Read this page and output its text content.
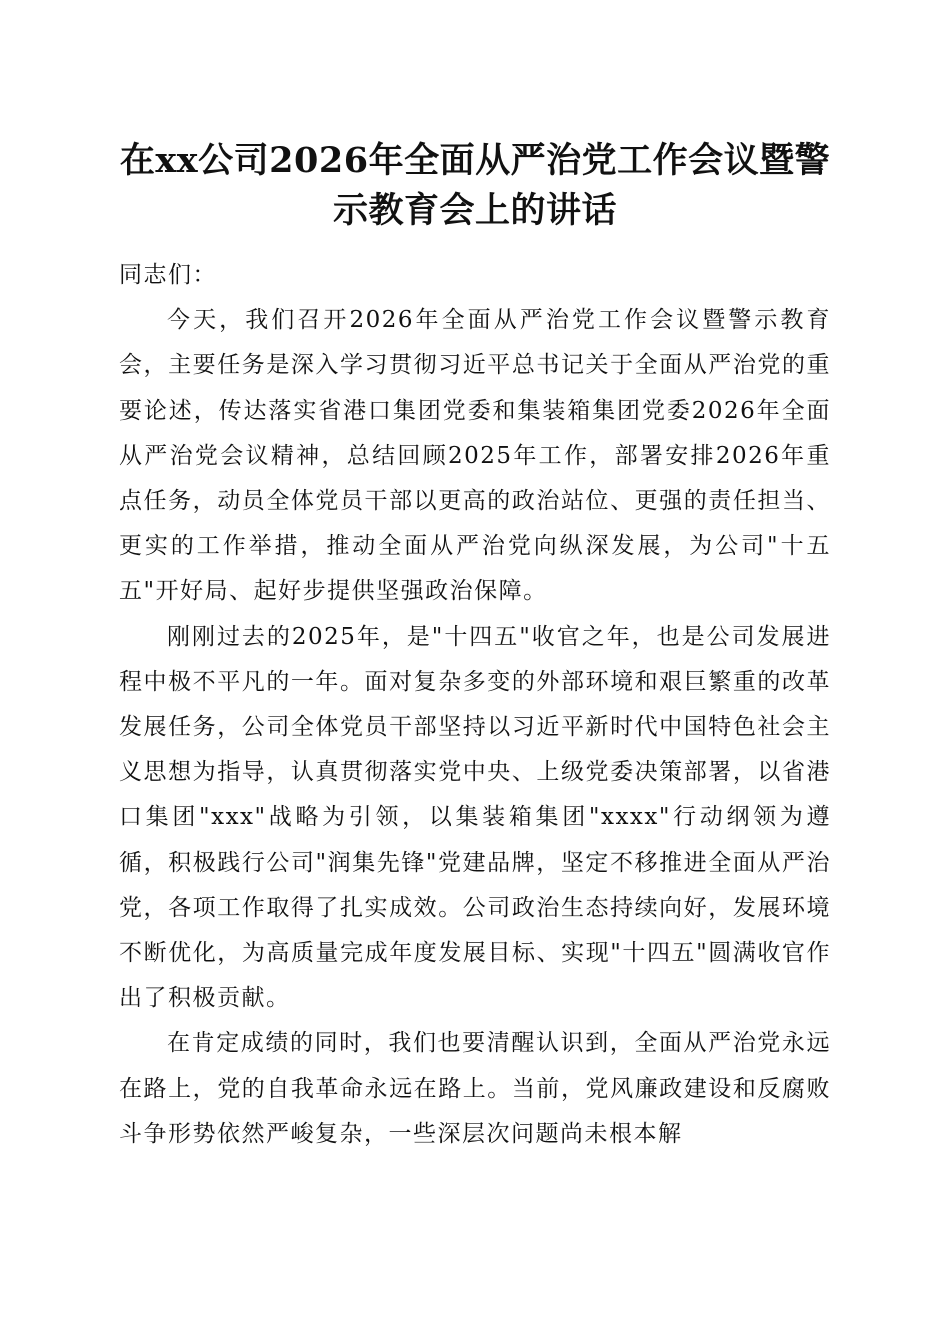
在xx公司2026年全面从严治党工作会议暨警示教育会上的讲话

同志们：

今天，我们召开2026年全面从严治党工作会议暨警示教育会，主要任务是深入学习贯彻习近平总书记关于全面从严治党的重要论述，传达落实省港口集团党委和集装箱集团党委2026年全面从严治党会议精神，总结回顾2025年工作，部署安排2026年重点任务，动员全体党员干部以更高的政治站位、更强的责任担当、更实的工作举措，推动全面从严治党向纵深发展，为公司"十五五"开好局、起好步提供坚强政治保障。

刚刚过去的2025年，是"十四五"收官之年，也是公司发展进程中极不平凡的一年。面对复杂多变的外部环境和艰巨繁重的改革发展任务，公司全体党员干部坚持以习近平新时代中国特色社会主义思想为指导，认真贯彻落实党中央、上级党委决策部署，以省港口集团"xxx"战略为引领，以集装箱集团"xxxx"行动纲领为遵循，积极践行公司"润集先锋"党建品牌，坚定不移推进全面从严治党，各项工作取得了扎实成效。公司政治生态持续向好，发展环境不断优化，为高质量完成年度发展目标、实现"十四五"圆满收官作出了积极贡献。

在肯定成绩的同时，我们也要清醒认识到，全面从严治党永远在路上，党的自我革命永远在路上。当前，党风廉政建设和反腐败斗争形势依然严峻复杂，一些深层次问题尚未根本解
